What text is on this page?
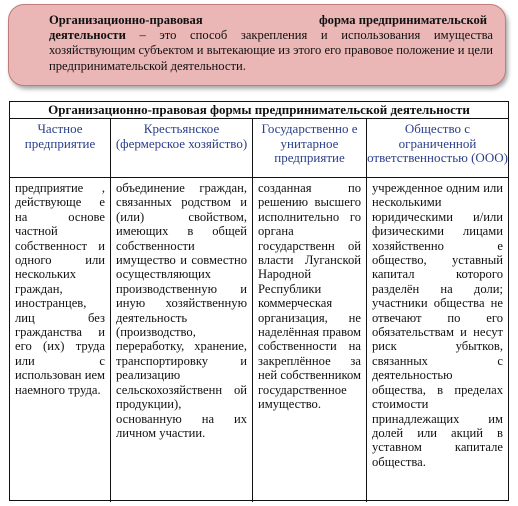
Организационно-правовая	форма предпринимательской
деятельности – это способ закрепления и использования имущества хозяйствующим субъектом и вытекающие из этого его правовое положение и цели предпринимательской деятельности.
Организационно-правовая формы предпринимательской деятельности
Частное предприятие
Крестьянское (фермерское хозяйство)
Государственно е унитарное предприятие
Общество с ограниченной ответственностью (ООО)
предприятие , действующе е на основе частной собственност и одного или нескольких граждан, иностранцев, лиц без гражданства и его (их) труда или с использован ием наемного труда.
объединение граждан, связанных родством и (или) свойством, имеющих в общей собственности имущество и совместно осуществляющих производственную и иную хозяйственную деятельность (производство, переработку, хранение, транспортировку и реализацию сельскохозяйственн ой продукции), основанную на их личном участии.
созданная по решению высшего исполнительно го органа государственн ой власти Луганской Народной Республики коммерческая организация, не наделённая правом собственности на закреплённое за ней собственником государственное имущество.
учрежденное одним или несколькими юридическими и/или физическими лицами хозяйственно е общество, уставный капитал которого разделён на доли; участники общества не отвечают по его обязательствам и несут риск убытков, связанных с деятельностью общества, в пределах стоимости принадлежащих им долей или акций в уставном капитале общества.
